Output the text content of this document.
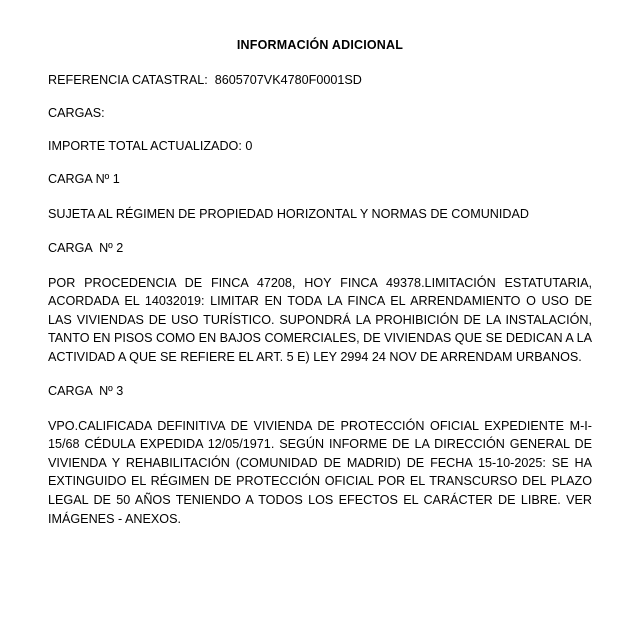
INFORMACIÓN ADICIONAL

REFERENCIA CATASTRAL:  8605707VK4780F0001SD

CARGAS:

IMPORTE TOTAL ACTUALIZADO: 0

CARGA Nº 1

SUJETA AL RÉGIMEN DE PROPIEDAD HORIZONTAL Y NORMAS DE COMUNIDAD

CARGA  Nº 2

POR PROCEDENCIA DE FINCA 47208, HOY FINCA 49378.LIMITACIÓN ESTATUTARIA, ACORDADA EL 14032019: LIMITAR EN TODA LA FINCA EL ARRENDAMIENTO O USO DE LAS VIVIENDAS DE USO TURÍSTICO. SUPONDRÁ LA PROHIBICIÓN DE LA INSTALACIÓN, TANTO EN PISOS COMO EN BAJOS COMERCIALES, DE VIVIENDAS QUE SE DEDICAN A LA ACTIVIDAD A QUE SE REFIERE EL ART. 5 E) LEY 2994 24 NOV DE ARRENDAM URBANOS.

CARGA  Nº 3

VPO.CALIFICADA DEFINITIVA DE VIVIENDA DE PROTECCIÓN OFICIAL EXPEDIENTE M-I-15/68 CÉDULA EXPEDIDA 12/05/1971. SEGÚN INFORME DE LA DIRECCIÓN GENERAL DE VIVIENDA Y REHABILITACIÓN (COMUNIDAD DE MADRID) DE FECHA 15-10-2025: SE HA EXTINGUIDO EL RÉGIMEN DE PROTECCIÓN OFICIAL POR EL TRANSCURSO DEL PLAZO LEGAL DE 50 AÑOS TENIENDO A TODOS LOS EFECTOS EL CARÁCTER DE LIBRE. VER IMÁGENES - ANEXOS.
